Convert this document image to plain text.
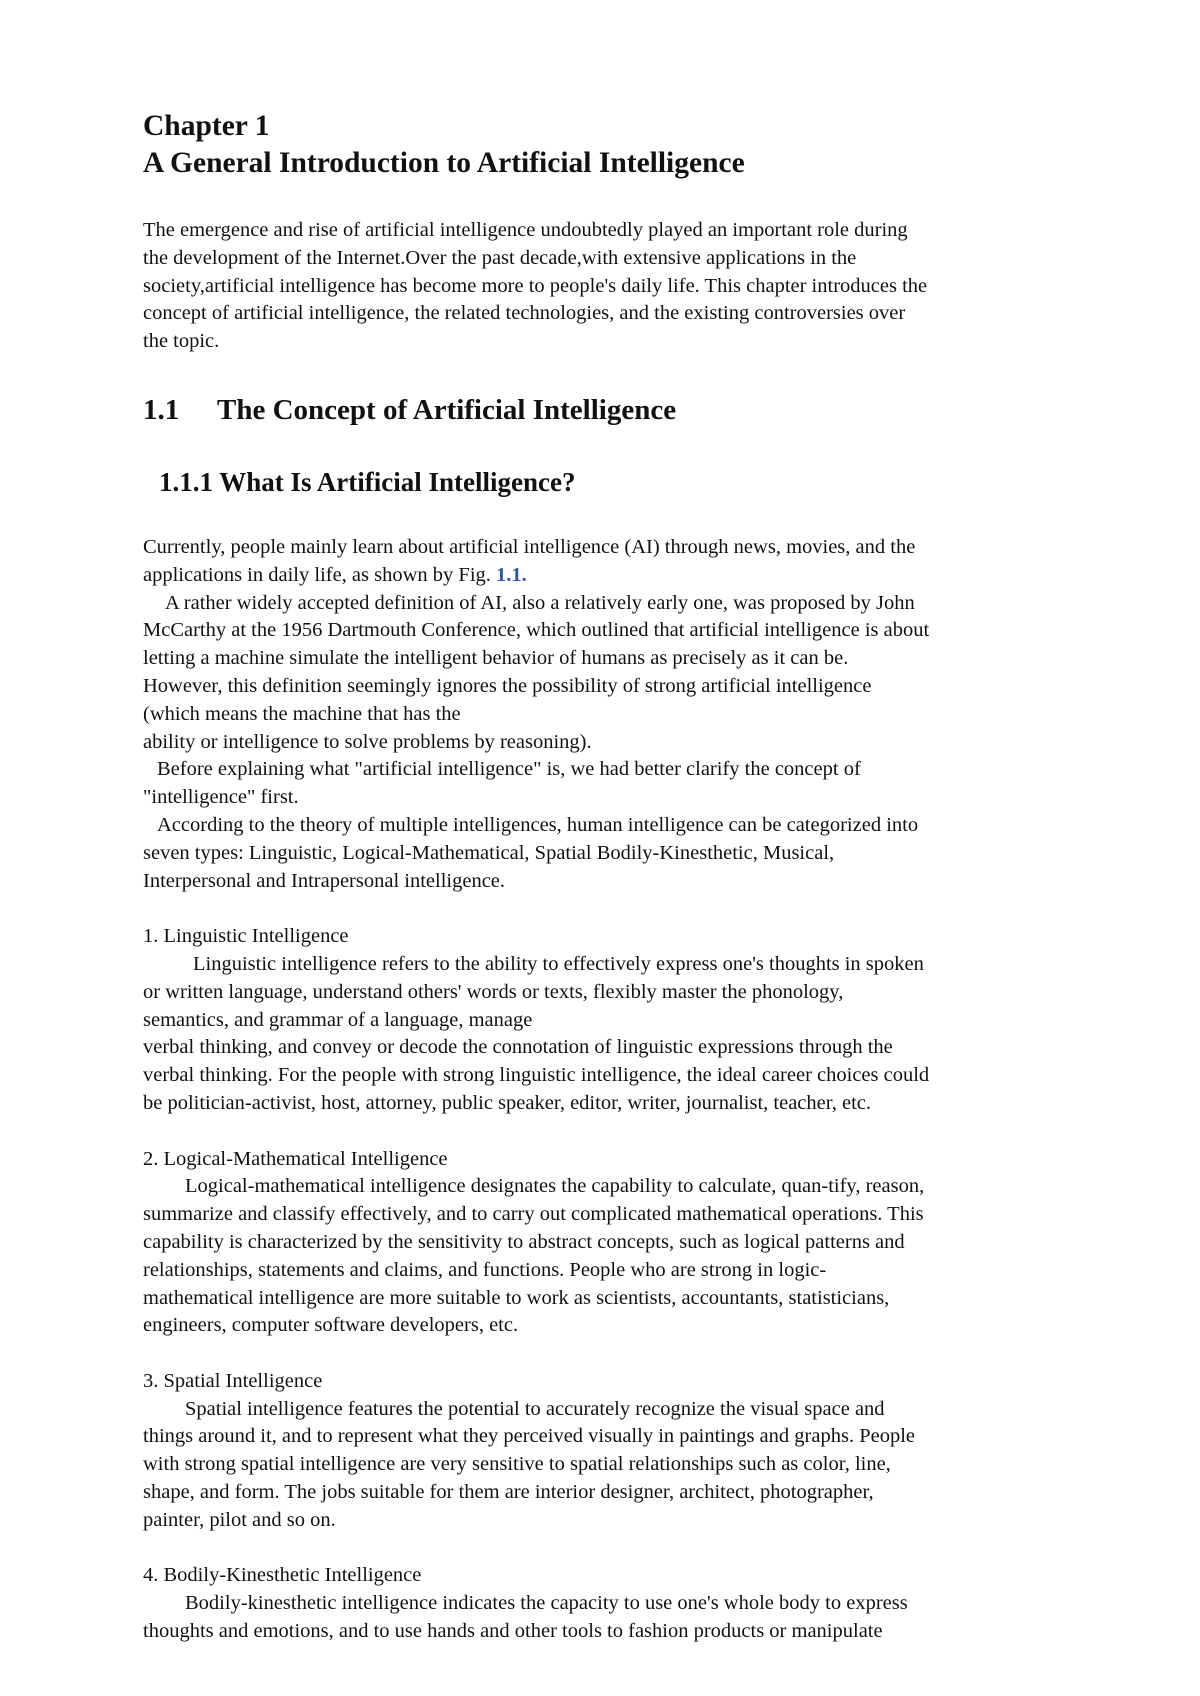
Chapter 1
A General Introduction to Artificial Intelligence
The emergence and rise of artificial intelligence undoubtedly played an important role during
the development of the Internet.Over the past decade,with extensive applications in the
society,artificial intelligence has become more to people's daily life. This chapter introduces the
concept of artificial intelligence, the related technologies, and the existing controversies over
the topic.
1.1 The Concept of Artificial Intelligence
1.1.1 What Is Artificial Intelligence?
Currently, people mainly learn about artificial intelligence (AI) through news, movies, and the
applications in daily life, as shown by Fig. 1.1.
A rather widely accepted definition of AI, also a relatively early one, was proposed by John
McCarthy at the 1956 Dartmouth Conference, which outlined that artificial intelligence is about
letting a machine simulate the intelligent behavior of humans as precisely as it can be.
However, this definition seemingly ignores the possibility of strong artificial intelligence
(which means the machine that has the
ability or intelligence to solve problems by reasoning).
Before explaining what "artificial intelligence" is, we had better clarify the concept of
"intelligence" first.
According to the theory of multiple intelligences, human intelligence can be categorized into
seven types: Linguistic, Logical-Mathematical, Spatial Bodily-Kinesthetic, Musical,
Interpersonal and Intrapersonal intelligence.
1. Linguistic Intelligence
Linguistic intelligence refers to the ability to effectively express one's thoughts in spoken
or written language, understand others' words or texts, flexibly master the phonology,
semantics, and grammar of a language, manage
verbal thinking, and convey or decode the connotation of linguistic expressions through the
verbal thinking. For the people with strong linguistic intelligence, the ideal career choices could
be politician-activist, host, attorney, public speaker, editor, writer, journalist, teacher, etc.
2. Logical-Mathematical Intelligence
Logical-mathematical intelligence designates the capability to calculate, quan-tify, reason,
summarize and classify effectively, and to carry out complicated mathematical operations. This
capability is characterized by the sensitivity to abstract concepts, such as logical patterns and
relationships, statements and claims, and functions. People who are strong in logic-
mathematical intelligence are more suitable to work as scientists, accountants, statisticians,
engineers, computer software developers, etc.
3. Spatial Intelligence
Spatial intelligence features the potential to accurately recognize the visual space and
things around it, and to represent what they perceived visually in paintings and graphs. People
with strong spatial intelligence are very sensitive to spatial relationships such as color, line,
shape, and form. The jobs suitable for them are interior designer, architect, photographer,
painter, pilot and so on.
4. Bodily-Kinesthetic Intelligence
Bodily-kinesthetic intelligence indicates the capacity to use one's whole body to express
thoughts and emotions, and to use hands and other tools to fashion products or manipulate
